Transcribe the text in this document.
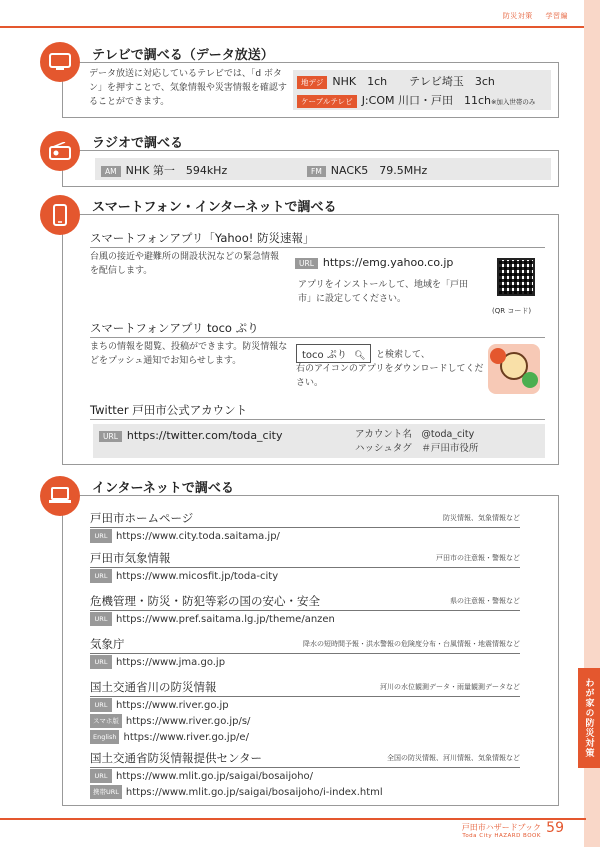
防災対策 学習編
わが家の防災対策
テレビで調べる（データ放送）
データ放送に対応しているテレビでは、「d ボタン」を押すことで、気象情報や災害情報を確認することができます。
地デジ NHK　1ch　　テレビ埼玉　3ch
ケーブルテレビ J:COM 川口・戸田　11ch※加入世帯のみ
ラジオで調べる
AM NHK 第一　594kHz	FM NACK5　79.5MHz
スマートフォン・インターネットで調べる
スマートフォンアプリ「Yahoo! 防災速報」
台風の接近や避難所の開設状況などの緊急情報を配信します。
URL https://emg.yahoo.co.jp
アプリをインストールして、地域を「戸田市」に設定してください。
(QR コード)
スマートフォンアプリ toco ぷり
まちの情報を閲覧、投稿ができます。防災情報などをプッシュ通知でお知らせします。	toco ぷり 🔍︎	と検索して、
右のアイコンのアプリをダウンロードしてください。
Twitter 戸田市公式アカウント
URL https://twitter.com/toda_city	アカウント名　 @toda_city
ハッシュタグ　 ＃戸田市役所
インターネットで調べる
戸田市ホームページ	防災情報、気象情報など
URL https://www.city.toda.saitama.jp/
戸田市気象情報	戸田市の注意報・警報など
URL https://www.micosfit.jp/toda-city
危機管理・防災・防犯等彩の国の安心・安全	県の注意報・警報など
URL https://www.pref.saitama.lg.jp/theme/anzen
気象庁	降水の短時間予報・洪水警報の危険度分布・台風情報・地震情報など
URL https://www.jma.go.jp
国土交通省川の防災情報	河川の水位観測データ・雨量観測データなど
URL https://www.river.go.jp
スマホ版 https://www.river.go.jp/s/
English https://www.river.go.jp/e/
国土交通省防災情報提供センター	全国の防災情報、河川情報、気象情報など
URL https://www.mlit.go.jp/saigai/bosaijoho/
携帯URL https://www.mlit.go.jp/saigai/bosaijoho/i-index.html
戸田市ハザードブック
Toda City HAZARD BOOK 59
